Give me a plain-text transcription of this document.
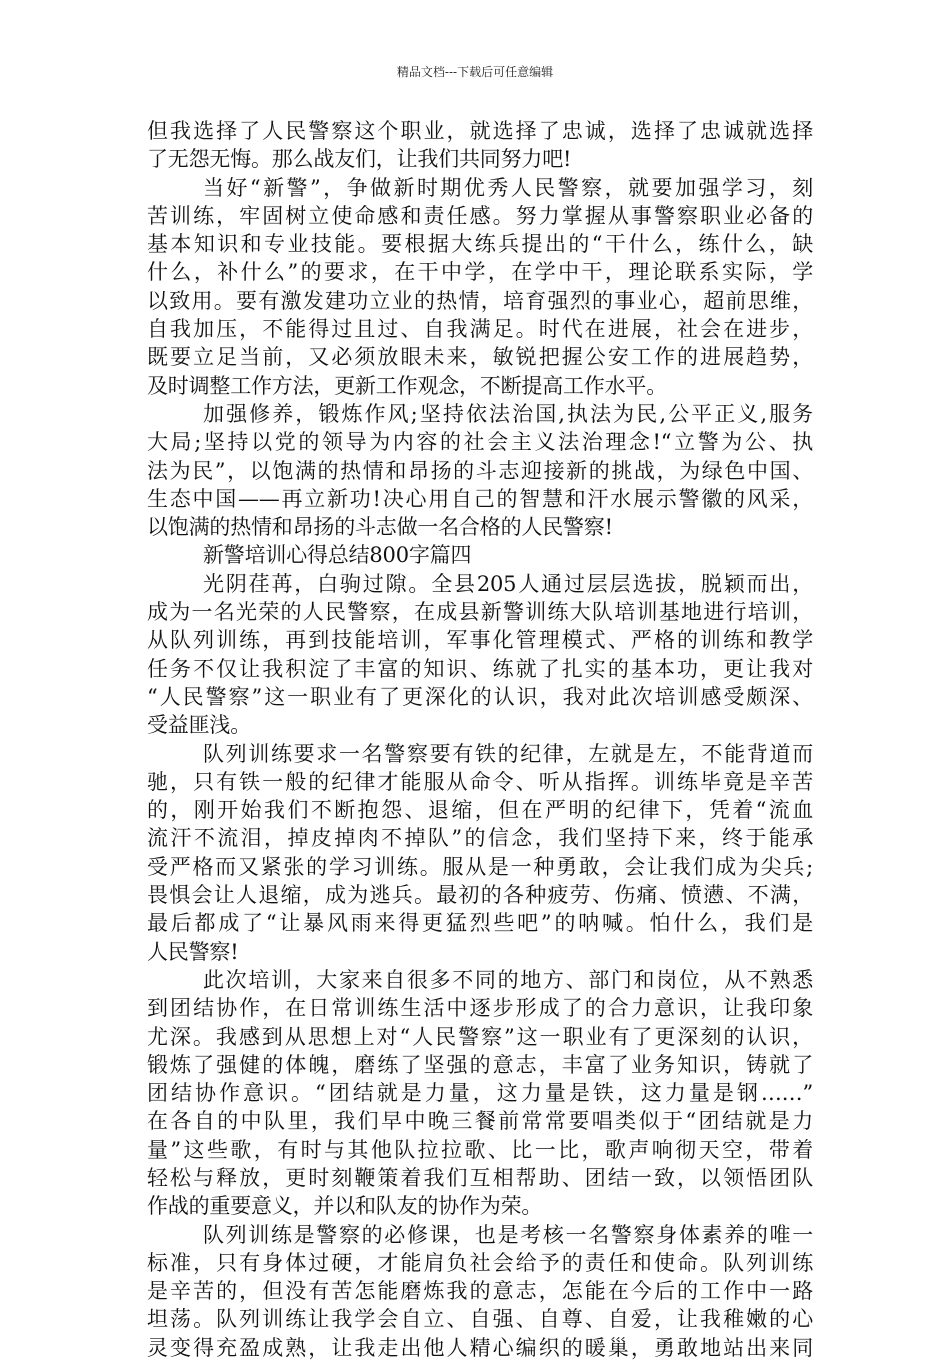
精品文档---下载后可任意编辑
但我选择了人民警察这个职业，就选择了忠诚，选择了忠诚就选择
了无怨无悔。那么战友们，让我们共同努力吧!
当好“新警”，争做新时期优秀人民警察，就要加强学习，刻
苦训练，牢固树立使命感和责任感。努力掌握从事警察职业必备的
基本知识和专业技能。要根据大练兵提出的“干什么，练什么，缺
什么，补什么”的要求，在干中学，在学中干，理论联系实际，学
以致用。要有激发建功立业的热情，培育强烈的事业心，超前思维，
自我加压，不能得过且过、自我满足。时代在进展，社会在进步，
既要立足当前，又必须放眼未来，敏锐把握公安工作的进展趋势，
及时调整工作方法，更新工作观念，不断提高工作水平。
加强修养，锻炼作风;坚持依法治国,执法为民,公平正义,服务
大局;坚持以党的领导为内容的社会主义法治理念!“立警为公、执
法为民”，以饱满的热情和昂扬的斗志迎接新的挑战，为绿色中国、
生态中国——再立新功!决心用自己的智慧和汗水展示警徽的风采，
以饱满的热情和昂扬的斗志做一名合格的人民警察!
新警培训心得总结800字篇四
光阴荏苒，白驹过隙。全县205人通过层层选拔，脱颖而出，
成为一名光荣的人民警察，在成县新警训练大队培训基地进行培训，
从队列训练，再到技能培训，军事化管理模式、严格的训练和教学
任务不仅让我积淀了丰富的知识、练就了扎实的基本功，更让我对
“人民警察”这一职业有了更深化的认识，我对此次培训感受颇深、
受益匪浅。
队列训练要求一名警察要有铁的纪律，左就是左，不能背道而
驰，只有铁一般的纪律才能服从命令、听从指挥。训练毕竟是辛苦
的，刚开始我们不断抱怨、退缩，但在严明的纪律下，凭着“流血
流汗不流泪，掉皮掉肉不掉队”的信念，我们坚持下来，终于能承
受严格而又紧张的学习训练。服从是一种勇敢，会让我们成为尖兵;
畏惧会让人退缩，成为逃兵。最初的各种疲劳、伤痛、愤懑、不满，
最后都成了“让暴风雨来得更猛烈些吧”的呐喊。怕什么，我们是
人民警察!
此次培训，大家来自很多不同的地方、部门和岗位，从不熟悉
到团结协作，在日常训练生活中逐步形成了的合力意识，让我印象
尤深。我感到从思想上对“人民警察”这一职业有了更深刻的认识，
锻炼了强健的体魄，磨练了坚强的意志，丰富了业务知识，铸就了
团结协作意识。“团结就是力量，这力量是铁，这力量是钢……”
在各自的中队里，我们早中晚三餐前常常要唱类似于“团结就是力
量”这些歌，有时与其他队拉拉歌、比一比，歌声响彻天空，带着
轻松与释放，更时刻鞭策着我们互相帮助、团结一致，以领悟团队
作战的重要意义，并以和队友的协作为荣。
队列训练是警察的必修课，也是考核一名警察身体素养的唯一
标准，只有身体过硬，才能肩负社会给予的责任和使命。队列训练
是辛苦的，但没有苦怎能磨炼我的意志，怎能在今后的工作中一路
坦荡。队列训练让我学会自立、自强、自尊、自爱，让我稚嫩的心
灵变得充盈成熟，让我走出他人精心编织的暖巢，勇敢地站出来同
